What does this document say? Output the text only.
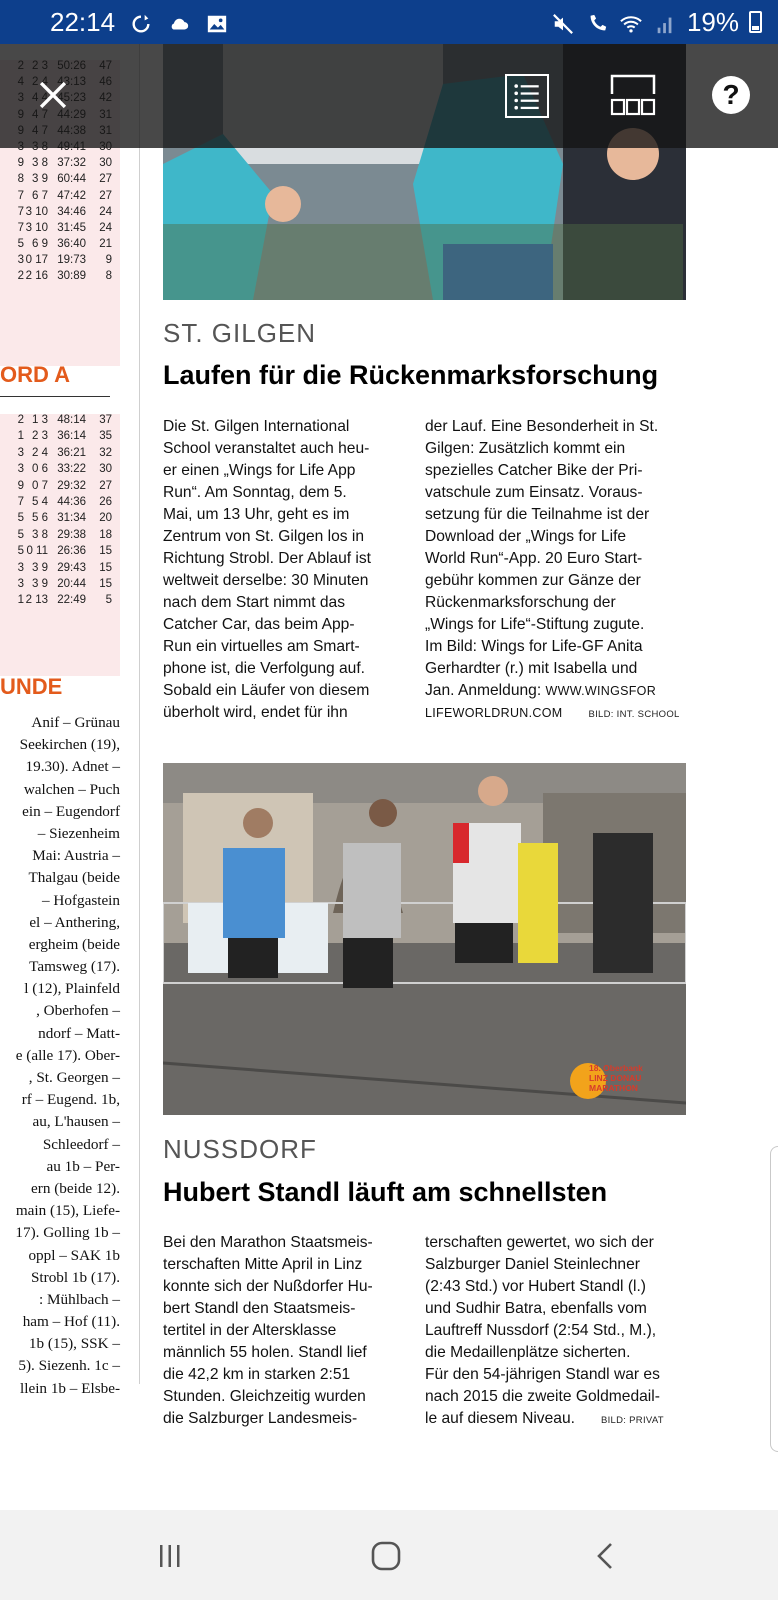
22:14	19%
9 3 8 37:32	30
8 3 9 60:44	27
7 6 7 47:42	27
7 3 10 34:46	24
7 3 10 31:45	24
5 6 9 36:40	21
3 0 17 19:73	9
2 2 16 30:89	8
ORD A
2 1 3 48:14	37
1 2 3 36:14	35
3 2 4 36:21	32
3 0 6 33:22	30
9 0 7 29:32	27
7 5 4 44:36	26
5 5 6 31:34	20
5 3 8 29:38	18
5 0 11 26:36	15
3 3 9 29:43	15
3 3 9 20:44	15
1 2 13 22:49	5
UNDE
Anif – Grünau
Seekirchen (19),
19.30). Adnet –
walchen – Puch
ein – Eugendorf
– Siezenheim
Mai: Austria –
Thalgau (beide
– Hofgastein
el – Anthering,
ergheim (beide
Tamsweg (17).
l (12), Plainfeld
, Oberhofen –
ndorf – Matt-
e (alle 17). Ober-
, St. Georgen –
rf – Eugend. 1b,
au, L'hausen –
Schleedorf –
au 1b – Per-
ern (beide 12).
main (15), Liefe-
17). Golling 1b –
oppl – SAK 1b
Strobl 1b (17).
: Mühlbach –
ham – Hof (11).
1b (15), SSK –
5). Siezenh. 1c –
llein 1b – Elsbe-
ST. GILGEN
Laufen für die Rückenmarksforschung
Die St. Gilgen International
School veranstaltet auch heu-
er einen „Wings for Life App
Run“. Am Sonntag, dem 5.
Mai, um 13 Uhr, geht es im
Zentrum von St. Gilgen los in
Richtung Strobl. Der Ablauf ist
weltweit derselbe: 30 Minuten
nach dem Start nimmt das
Catcher Car, das beim App-
Run ein virtuelles am Smart-
phone ist, die Verfolgung auf.
Sobald ein Läufer von diesem
überholt wird, endet für ihn
der Lauf. Eine Besonderheit in St.
Gilgen: Zusätzlich kommt ein
spezielles Catcher Bike der Pri-
vatschule zum Einsatz. Voraus-
setzung für die Teilnahme ist der
Download der „Wings for Life
World Run“-App. 20 Euro Start-
gebühr kommen zur Gänze der
Rückenmarksforschung der
„Wings for Life“-Stiftung zugute.
Im Bild: Wings for Life-GF Anita
Gerhardter (r.) mit Isabella und
Jan. Anmeldung: WWW.WINGSFOR
LIFEWORLDRUN.COM	BILD: INT. SCHOOL
18. Oberbank
LINZ DONAU
MARATHON
NUSSDORF
Hubert Standl läuft am schnellsten
Bei den Marathon Staatsmeis-
terschaften Mitte April in Linz
konnte sich der Nußdorfer Hu-
bert Standl den Staatsmeis-
tertitel in der Altersklasse
männlich 55 holen. Standl lief
die 42,2 km in starken 2:51
Stunden. Gleichzeitig wurden
die Salzburger Landesmeis-
terschaften gewertet, wo sich der
Salzburger Daniel Steinlechner
(2:43 Std.) vor Hubert Standl (l.)
und Sudhir Batra, ebenfalls vom
Lauftreff Nussdorf (2:54 Std., M.),
die Medaillenplätze sicherten.
Für den 54-jährigen Standl war es
nach 2015 die zweite Goldmedail-
le auf diesem Niveau.	BILD: PRIVAT
?
